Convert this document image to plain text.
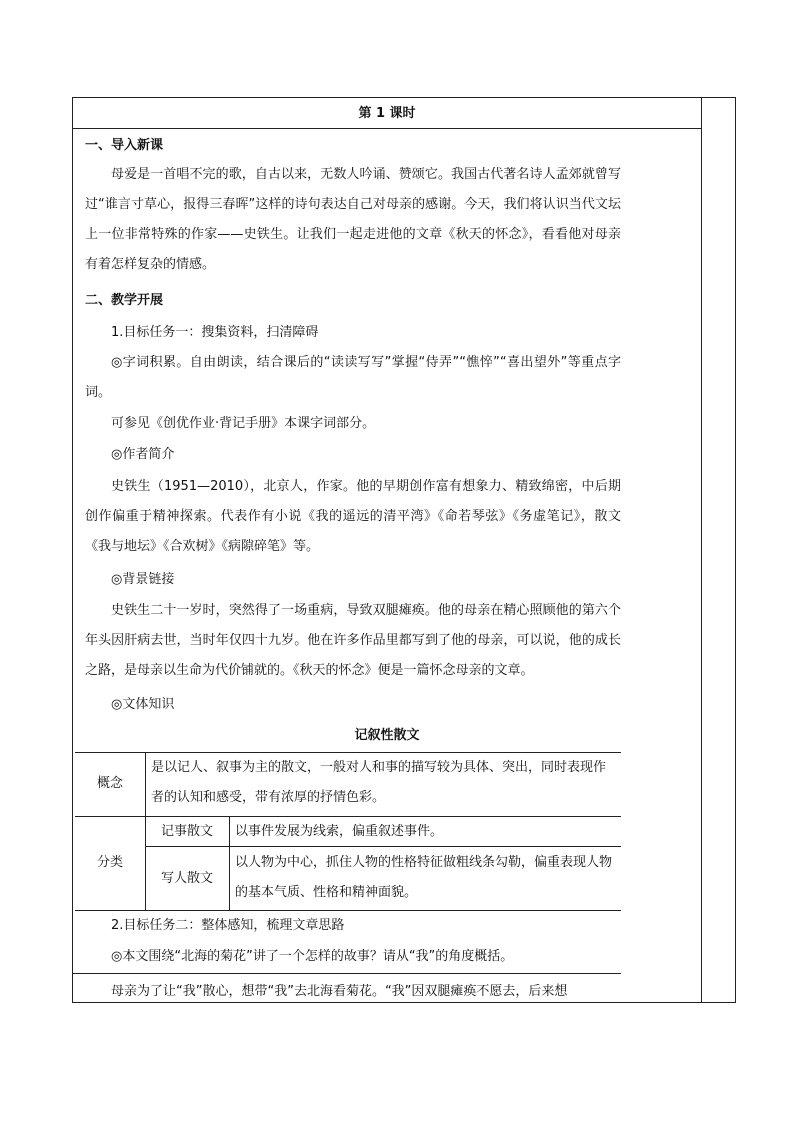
第 1 课时
一、导入新课
母爱是一首唱不完的歌，自古以来，无数人吟诵、赞颂它。我国古代著名诗人孟郊就曾写过“谁言寸草心，报得三春晖”这样的诗句表达自己对母亲的感谢。今天，我们将认识当代文坛上一位非常特殊的作家——史铁生。让我们一起走进他的文章《秋天的怀念》，看看他对母亲有着怎样复杂的情感。
二、教学开展
1.目标任务一：搜集资料，扫清障碍
◎字词积累。自由朗读，结合课后的“读读写写”掌握“侍弄”“憔悴”“喜出望外”等重点字词。
可参见《创优作业·背记手册》本课字词部分。
◎作者简介
史铁生（1951—2010），北京人，作家。他的早期创作富有想象力、精致绵密，中后期创作偏重于精神探索。代表作有小说《我的遥远的清平湾》《命若琴弦》《务虚笔记》，散文《我与地坛》《合欢树》《病隙碎笔》等。
◎背景链接
史铁生二十一岁时，突然得了一场重病，导致双腿瘫痪。他的母亲在精心照顾他的第六个年头因肝病去世，当时年仅四十九岁。他在许多作品里都写到了他的母亲，可以说，他的成长之路，是母亲以生命为代价铺就的。《秋天的怀念》便是一篇怀念母亲的文章。
◎文体知识
记叙性散文
概念
是以记人、叙事为主的散文，一般对人和事的描写较为具体、突出，同时表现作者的认知和感受，带有浓厚的抒情色彩。
分类
记事散文	以事件发展为线索，偏重叙述事件。
写人散文
以人物为中心，抓住人物的性格特征做粗线条勾勒，偏重表现人物的基本气质、性格和精神面貌。
2.目标任务二：整体感知，梳理文章思路
◎本文围绕“北海的菊花”讲了一个怎样的故事？请从“我”的角度概括。
母亲为了让“我”散心，想带“我”去北海看菊花。“我”因双腿瘫痪不愿去，后来想
